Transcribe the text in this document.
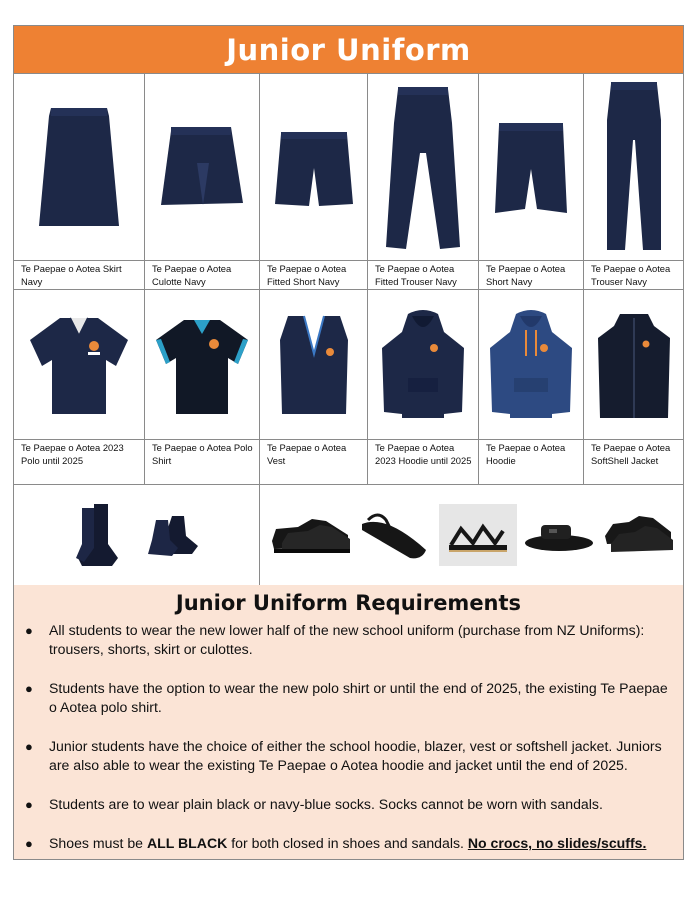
Junior Uniform
Te Paepae o Aotea Skirt Navy
Te Paepae o Aotea Culotte Navy
Te Paepae o Aotea Fitted Short Navy
Te Paepae o Aotea Fitted Trouser Navy
Te Paepae o Aotea Short Navy
Te Paepae o Aotea Trouser Navy
Te Paepae o Aotea 2023 Polo until 2025
Te Paepae o Aotea Polo Shirt
Te Paepae o Aotea Vest
Te Paepae o Aotea 2023 Hoodie until 2025
Te Paepae o Aotea Hoodie
Te Paepae o Aotea SoftShell Jacket
Junior Uniform Requirements
● All students to wear the new lower half of the new school uniform (purchase from NZ Uniforms): trousers, shorts, skirt or culottes.
● Students have the option to wear the new polo shirt or until the end of 2025, the existing Te Paepae o Aotea polo shirt.
● Junior students have the choice of either the school hoodie, blazer, vest or softshell jacket. Juniors are also able to wear the existing Te Paepae o Aotea hoodie and jacket until the end of 2025.
● Students are to wear plain black or navy-blue socks. Socks cannot be worn with sandals.
● Shoes must be ALL BLACK for both closed in shoes and sandals. No crocs, no slides/scuffs.
